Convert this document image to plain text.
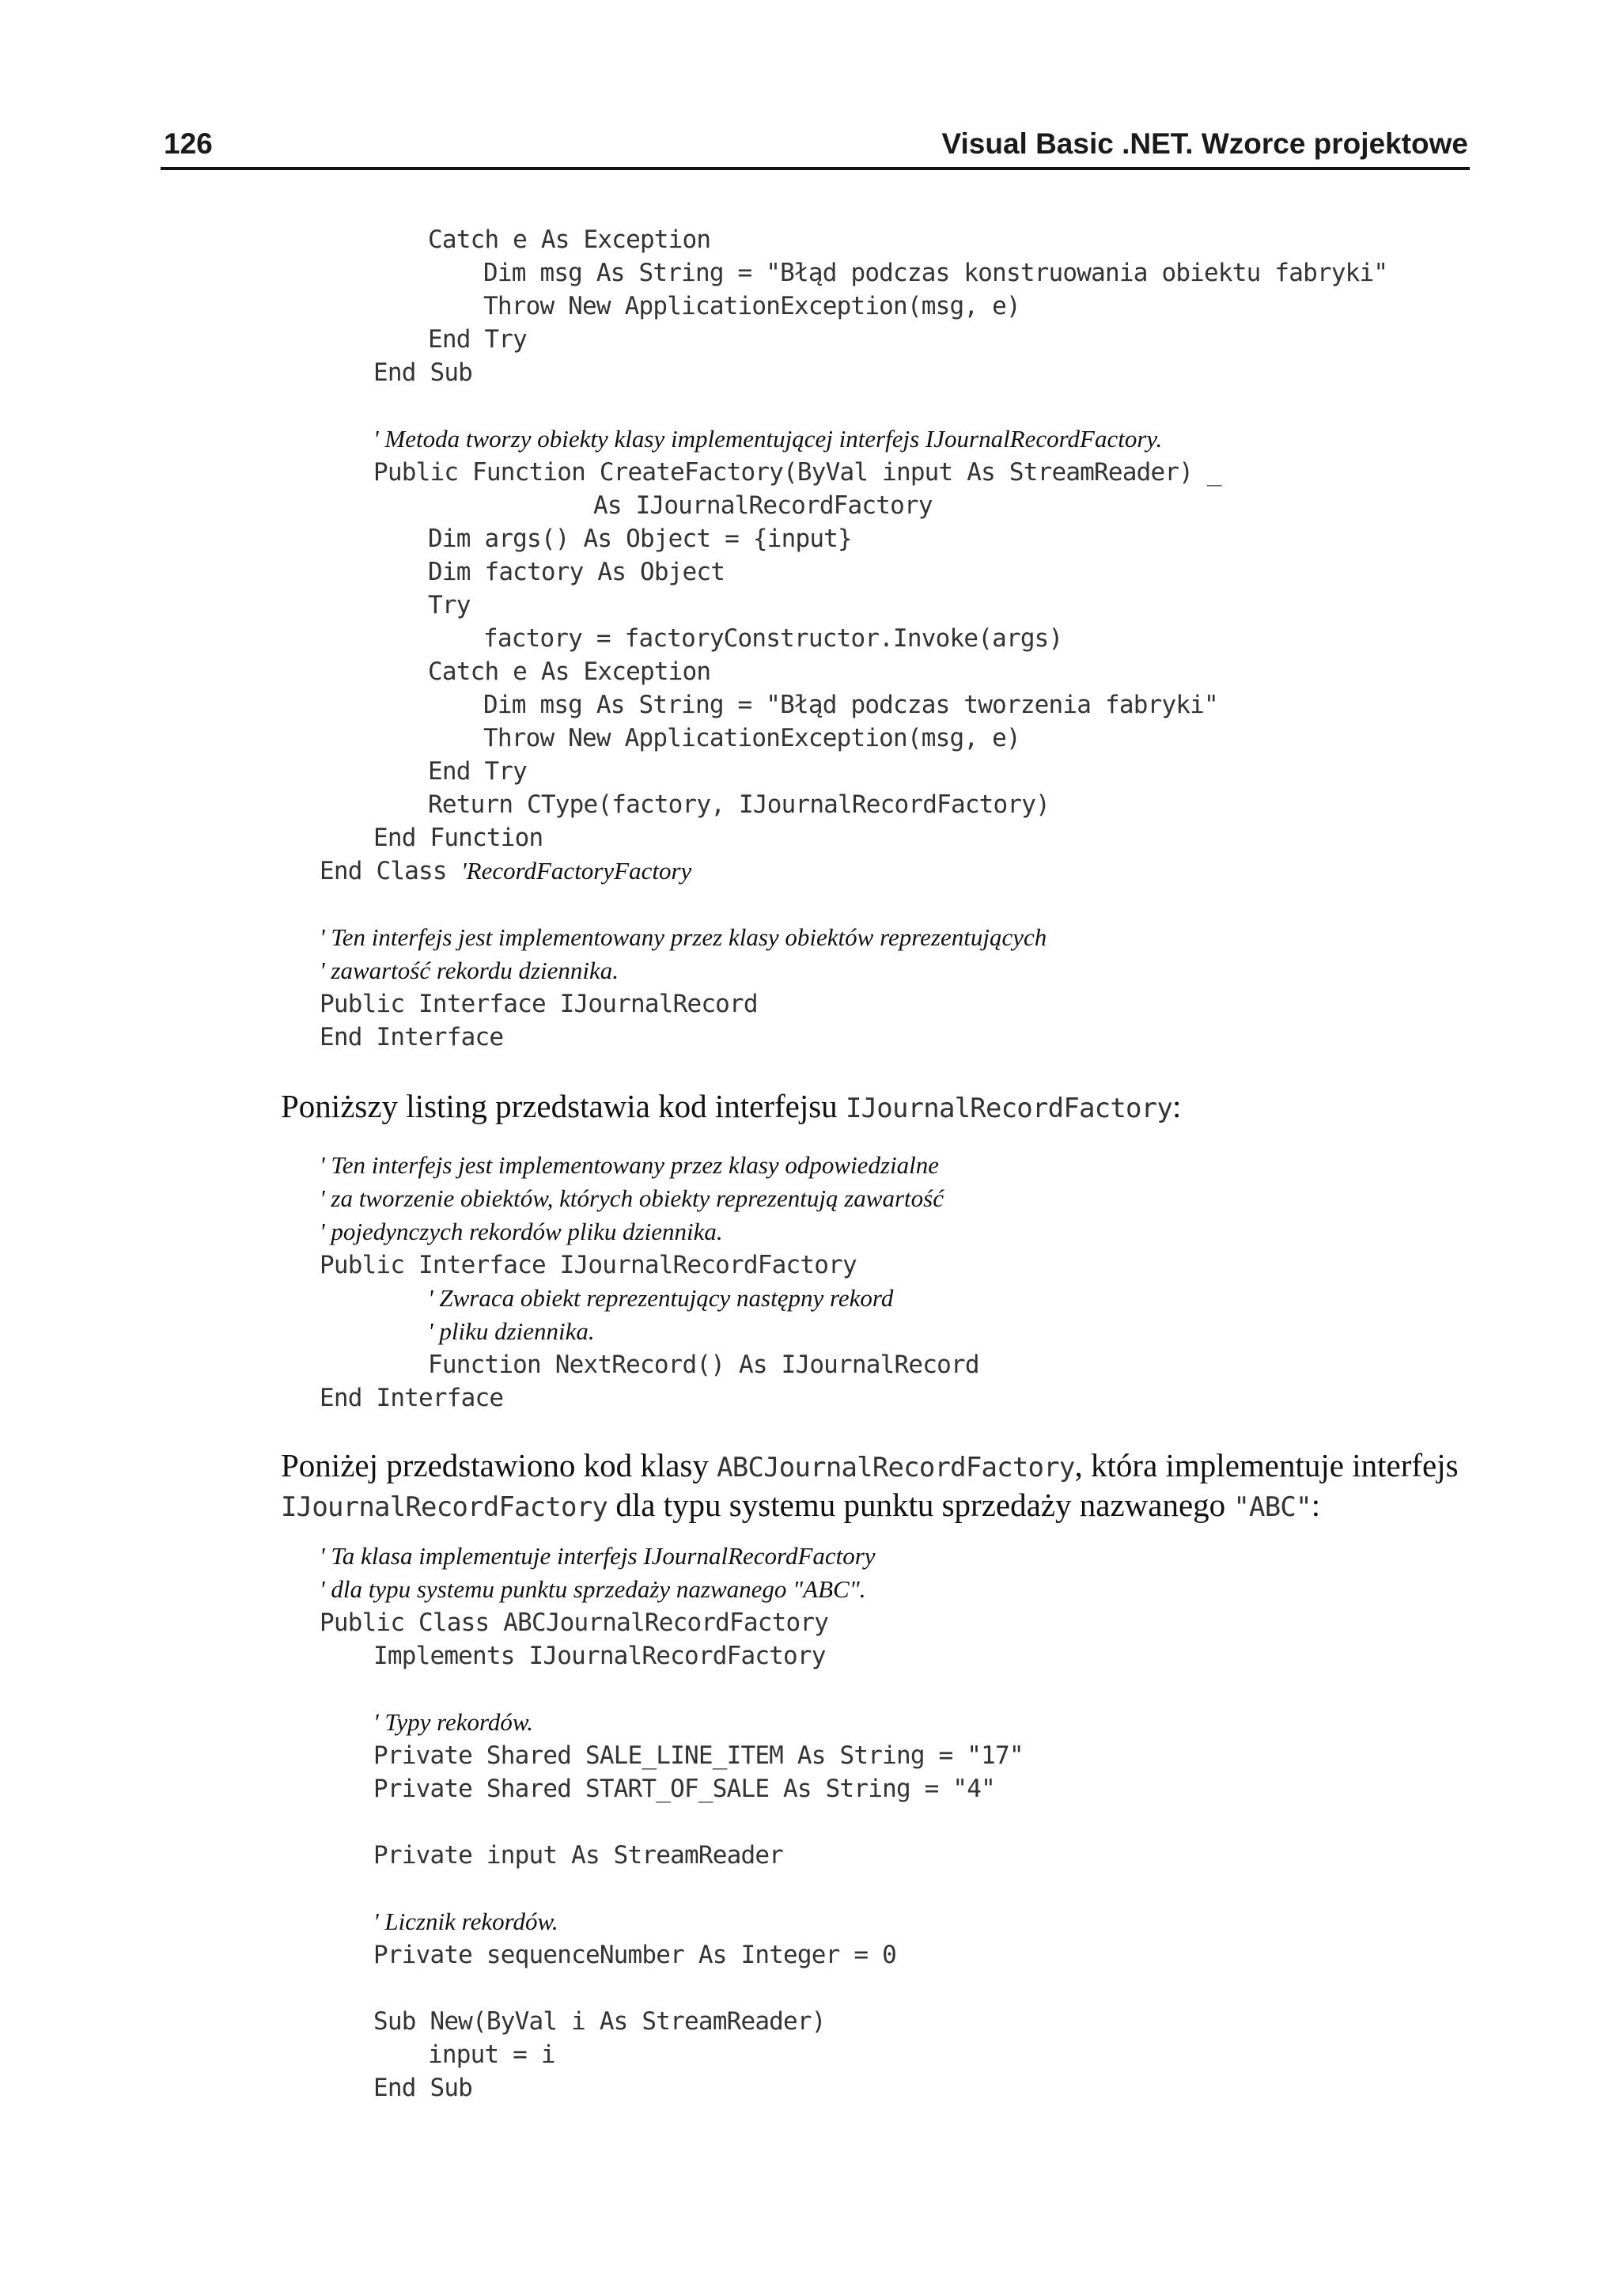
126	Visual Basic .NET. Wzorce projektowe
Catch e As Exception
Dim msg As String = "Błąd podczas konstruowania obiektu fabryki"
Throw New ApplicationException(msg, e)
End Try
End Sub
' Metoda tworzy obiekty klasy implementującej interfejs IJournalRecordFactory.
Public Function CreateFactory(ByVal input As StreamReader) _
As IJournalRecordFactory
Dim args() As Object = {input}
Dim factory As Object
Try
factory = factoryConstructor.Invoke(args)
Catch e As Exception
Dim msg As String = "Błąd podczas tworzenia fabryki"
Throw New ApplicationException(msg, e)
End Try
Return CType(factory, IJournalRecordFactory)
End Function
End Class 'RecordFactoryFactory
' Ten interfejs jest implementowany przez klasy obiektów reprezentujących
' zawartość rekordu dziennika.
Public Interface IJournalRecord
End Interface
Poniższy listing przedstawia kod interfejsu IJournalRecordFactory:
' Ten interfejs jest implementowany przez klasy odpowiedzialne
' za tworzenie obiektów, których obiekty reprezentują zawartość
' pojedynczych rekordów pliku dziennika.
Public Interface IJournalRecordFactory
' Zwraca obiekt reprezentujący następny rekord
' pliku dziennika.
Function NextRecord() As IJournalRecord
End Interface
Poniżej przedstawiono kod klasy ABCJournalRecordFactory, która implementuje interfejs
IJournalRecordFactory dla typu systemu punktu sprzedaży nazwanego "ABC":
' Ta klasa implementuje interfejs IJournalRecordFactory
' dla typu systemu punktu sprzedaży nazwanego "ABC".
Public Class ABCJournalRecordFactory
Implements IJournalRecordFactory
' Typy rekordów.
Private Shared SALE_LINE_ITEM As String = "17"
Private Shared START_OF_SALE As String = "4"
Private input As StreamReader
' Licznik rekordów.
Private sequenceNumber As Integer = 0
Sub New(ByVal i As StreamReader)
input = i
End Sub
